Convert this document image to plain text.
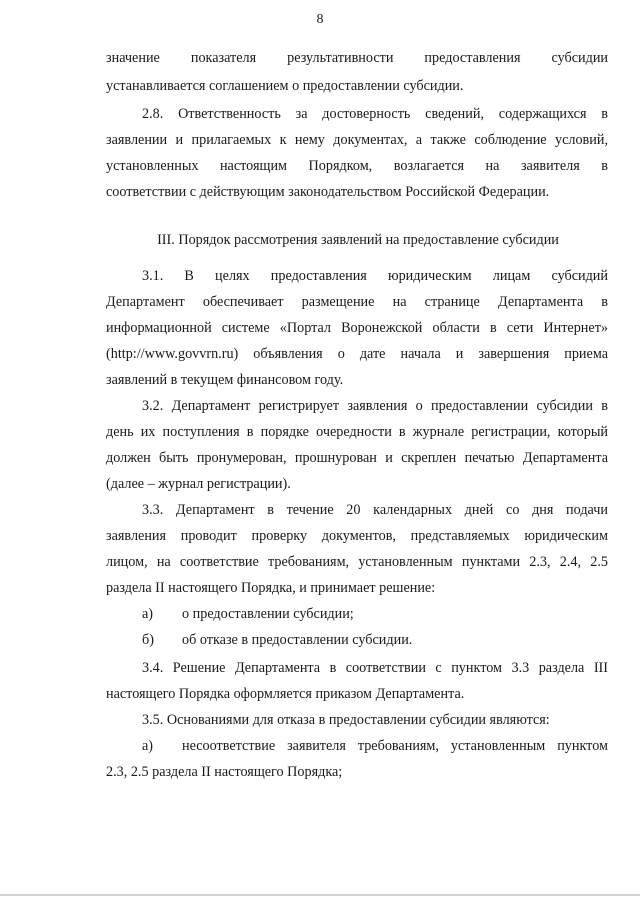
8
значение показателя результативности предоставления субсидии
устанавливается соглашением о предоставлении субсидии.
2.8. Ответственность за достоверность сведений, содержащихся в
заявлении и прилагаемых к нему документах, а также соблюдение условий,
установленных настоящим Порядком, возлагается на заявителя в
соответствии с действующим законодательством Российской Федерации.
III. Порядок рассмотрения заявлений на предоставление субсидии
3.1. В целях предоставления юридическим лицам субсидий
Департамент обеспечивает размещение на странице Департамента в
информационной системе «Портал Воронежской области в сети Интернет»
(http://www.govvrn.ru) объявления о дате начала и завершения приема
заявлений в текущем финансовом году.
3.2. Департамент регистрирует заявления о предоставлении субсидии в
день их поступления в порядке очередности в журнале регистрации, который
должен быть пронумерован, прошнурован и скреплен печатью Департамента
(далее – журнал регистрации).
3.3. Департамент в течение 20 календарных дней со дня подачи
заявления проводит проверку документов, представляемых юридическим
лицом, на соответствие требованиям, установленным пунктами 2.3, 2.4, 2.5
раздела II настоящего Порядка, и принимает решение:
а) о предоставлении субсидии;
б) об отказе в предоставлении субсидии.
3.4. Решение Департамента в соответствии с пунктом 3.3 раздела III
настоящего Порядка оформляется приказом Департамента.
3.5. Основаниями для отказа в предоставлении субсидии являются:
а) несоответствие заявителя требованиям, установленным пунктом
2.3, 2.5 раздела II настоящего Порядка;
